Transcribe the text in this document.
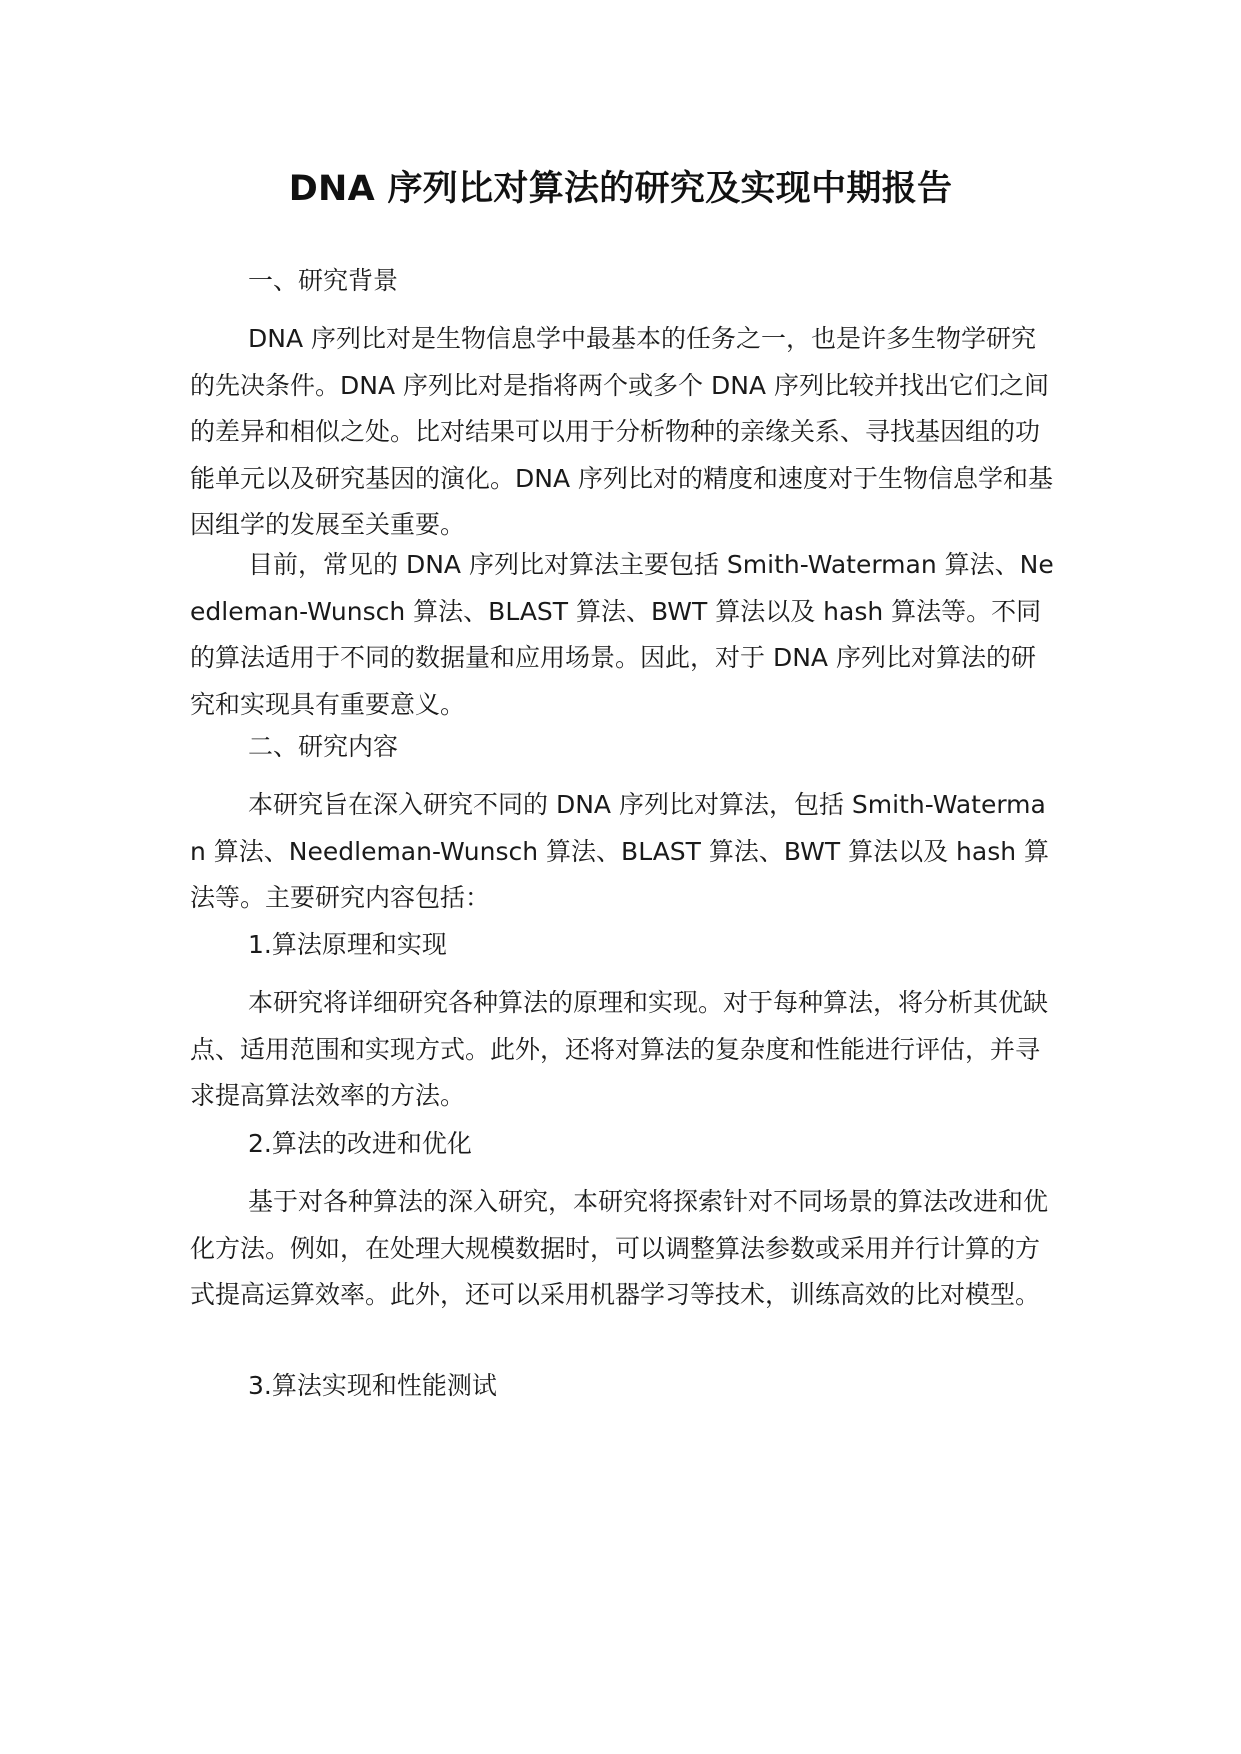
DNA 序列比对算法的研究及实现中期报告
一、研究背景
DNA 序列比对是生物信息学中最基本的任务之一，也是许多生物学研究的先决条件。DNA 序列比对是指将两个或多个 DNA 序列比较并找出它们之间的差异和相似之处。比对结果可以用于分析物种的亲缘关系、寻找基因组的功能单元以及研究基因的演化。DNA 序列比对的精度和速度对于生物信息学和基因组学的发展至关重要。
目前，常见的 DNA 序列比对算法主要包括 Smith-Waterman 算法、Needleman-Wunsch 算法、BLAST 算法、BWT 算法以及 hash 算法等。不同的算法适用于不同的数据量和应用场景。因此，对于 DNA 序列比对算法的研究和实现具有重要意义。
二、研究内容
本研究旨在深入研究不同的 DNA 序列比对算法，包括 Smith-Waterman 算法、Needleman-Wunsch 算法、BLAST 算法、BWT 算法以及 hash 算法等。主要研究内容包括：
1.算法原理和实现
本研究将详细研究各种算法的原理和实现。对于每种算法，将分析其优缺点、适用范围和实现方式。此外，还将对算法的复杂度和性能进行评估，并寻求提高算法效率的方法。
2.算法的改进和优化
基于对各种算法的深入研究，本研究将探索针对不同场景的算法改进和优化方法。例如，在处理大规模数据时，可以调整算法参数或采用并行计算的方式提高运算效率。此外，还可以采用机器学习等技术，训练高效的比对模型。
3.算法实现和性能测试
